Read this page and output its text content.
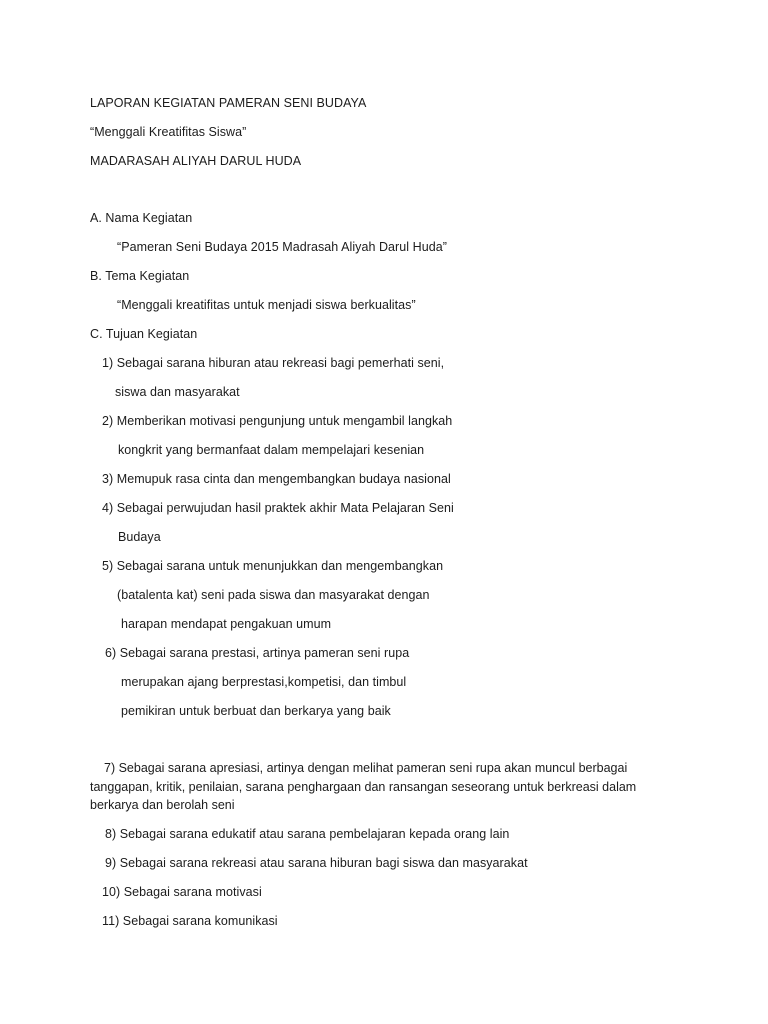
LAPORAN KEGIATAN PAMERAN SENI BUDAYA
“Menggali Kreatifitas Siswa”
MADARASAH ALIYAH DARUL HUDA
A. Nama Kegiatan
“Pameran Seni Budaya 2015 Madrasah Aliyah Darul Huda”
B. Tema Kegiatan
“Menggali kreatifitas untuk menjadi siswa berkualitas”
C. Tujuan Kegiatan
1) Sebagai sarana hiburan atau rekreasi bagi pemerhati seni,
siswa dan masyarakat
2) Memberikan motivasi pengunjung untuk mengambil langkah
kongkrit yang bermanfaat dalam mempelajari kesenian
3) Memupuk rasa cinta dan mengembangkan budaya nasional
4) Sebagai perwujudan hasil praktek akhir Mata Pelajaran Seni
Budaya
5) Sebagai sarana untuk menunjukkan dan mengembangkan
(batalenta kat) seni pada siswa dan masyarakat dengan
harapan mendapat pengakuan umum
6) Sebagai sarana prestasi, artinya pameran seni rupa
merupakan ajang berprestasi,kompetisi, dan timbul
pemikiran untuk berbuat dan berkarya yang baik
7) Sebagai sarana apresiasi, artinya dengan melihat pameran seni rupa akan muncul berbagai tanggapan, kritik, penilaian, sarana penghargaan dan ransangan seseorang untuk berkreasi dalam berkarya dan berolah seni
8) Sebagai sarana edukatif atau sarana pembelajaran kepada orang lain
9) Sebagai sarana rekreasi atau sarana hiburan bagi siswa dan masyarakat
10) Sebagai sarana motivasi
11) Sebagai sarana komunikasi
